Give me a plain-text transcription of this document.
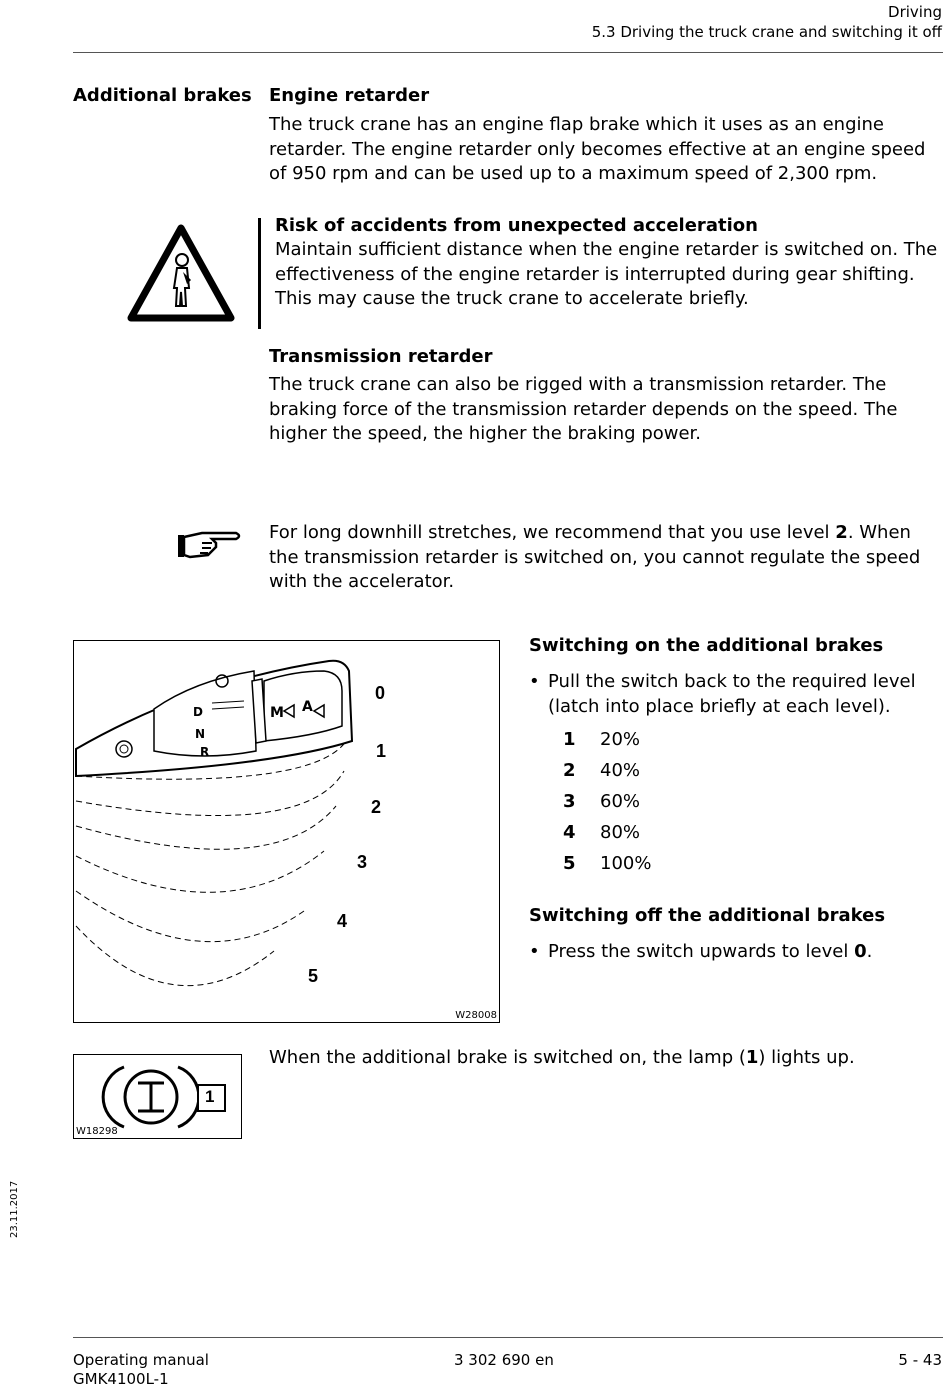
Driving
5.3 Driving the truck crane and switching it off
Additional brakes Engine retarder
The truck crane has an engine flap brake which it uses as an engine retarder. The engine retarder only becomes effective at an engine speed of 950 rpm and can be used up to a maximum speed of 2,300 rpm.
Risk of accidents from unexpected acceleration
Maintain sufficient distance when the engine retarder is switched on. The effectiveness of the engine retarder is interrupted during gear shifting. This may cause the truck crane to accelerate briefly.
Transmission retarder
The truck crane can also be rigged with a transmission retarder. The braking force of the transmission retarder depends on the speed. The higher the speed, the higher the braking power.
For long downhill stretches, we recommend that you use level 2. When the transmission retarder is switched on, you cannot regulate the speed with the accelerator.
D
N
R
M A
0
1
2
3
4
5
W28008
Switching on the additional brakes
• Pull the switch back to the required level (latch into place briefly at each level).
1	20%
2	40%
3	60%
4	80%
5	100%
Switching off the additional brakes
• Press the switch upwards to level 0.
1
W18298
When the additional brake is switched on, the lamp (1) lights up.
23.11.2017
Operating manual
GMK4100L-1
3 302 690 en	5 - 43
